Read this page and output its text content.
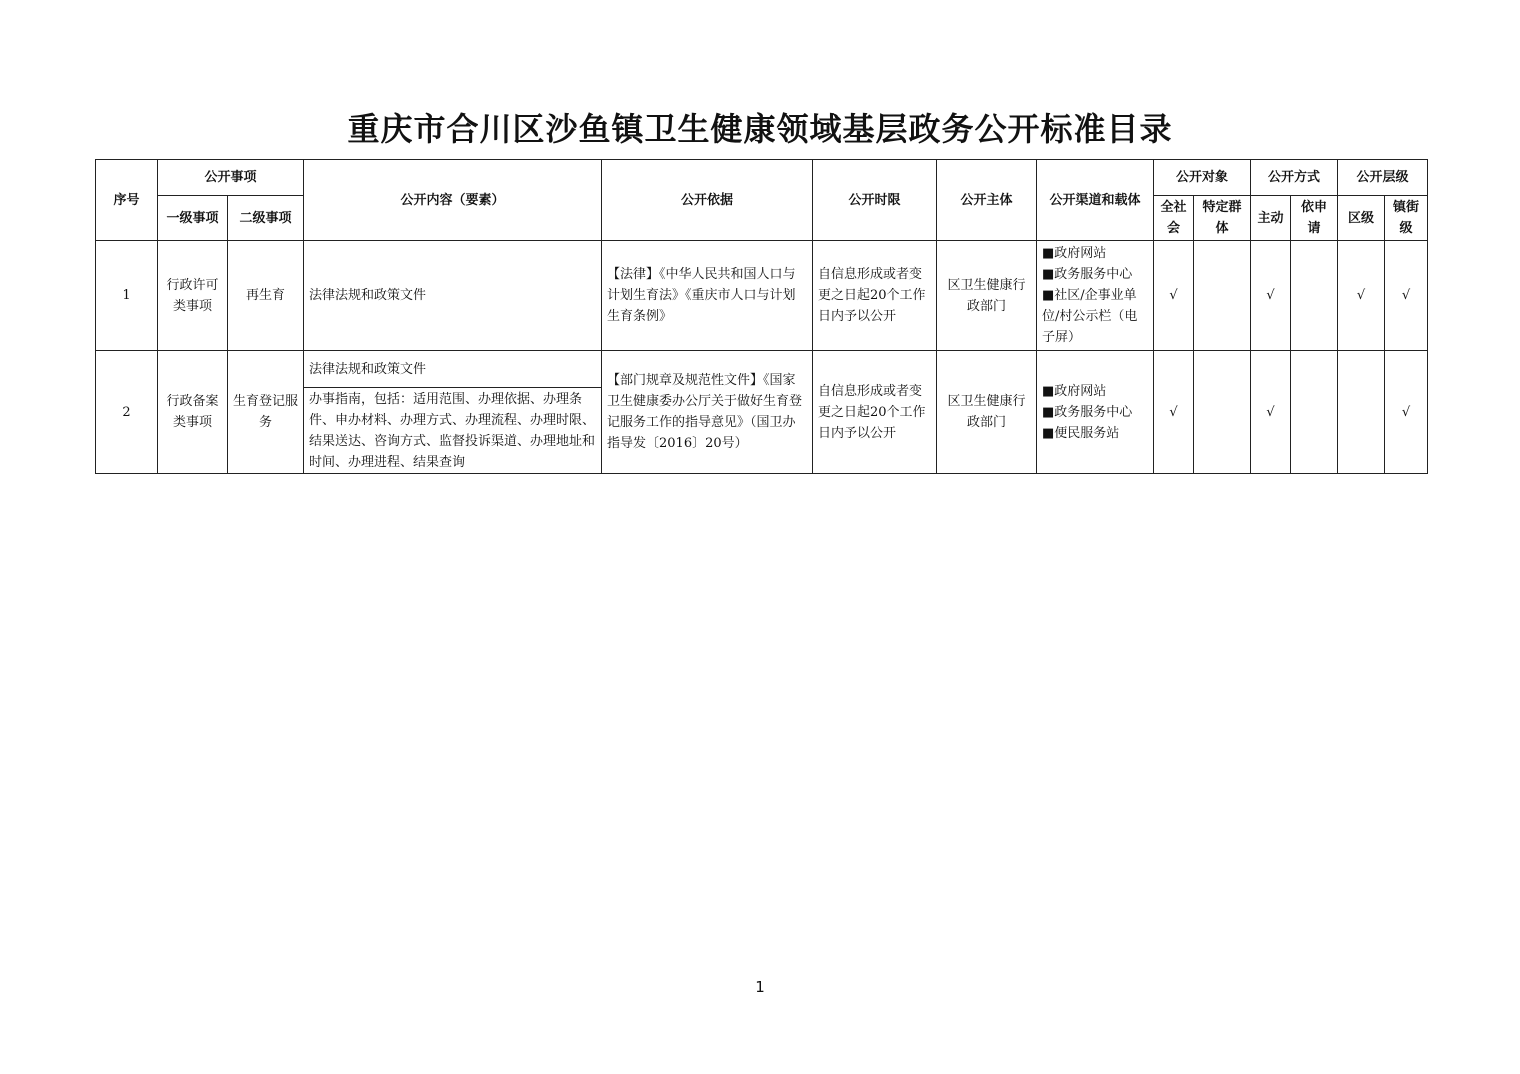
重庆市合川区沙鱼镇卫生健康领域基层政务公开标准目录
序号	公开事项		公开内容（要素）	公开依据	公开时限	公开主体	公开渠道和载体	公开对象		公开方式		公开层级	
	一级事项	二级事项						全社会	特定群体	主动	依申请	区级	镇街级
1	行政许可类事项	再生育	法律法规和政策文件	【法律】《中华人民共和国人口与计划生育法》《重庆市人口与计划生育条例》	自信息形成或者变更之日起20个工作日内予以公开	区卫生健康行政部门	■政府网站
■政务服务中心
■社区/企事业单位/村公示栏（电子屏）	√		√		√	√
2	行政备案类事项	生育登记服务	法律法规和政策文件	【部门规章及规范性文件】《国家卫生健康委办公厅关于做好生育登记服务工作的指导意见》（国卫办指导发〔2016〕20号）	自信息形成或者变更之日起20个工作日内予以公开	区卫生健康行政部门	■政府网站
■政务服务中心
■便民服务站	√		√			√
			办事指南，包括：适用范围、办理依据、办理条件、申办材料、办理方式、办理流程、办理时限、结果送达、咨询方式、监督投诉渠道、办理地址和时间、办理进程、结果查询										
1
